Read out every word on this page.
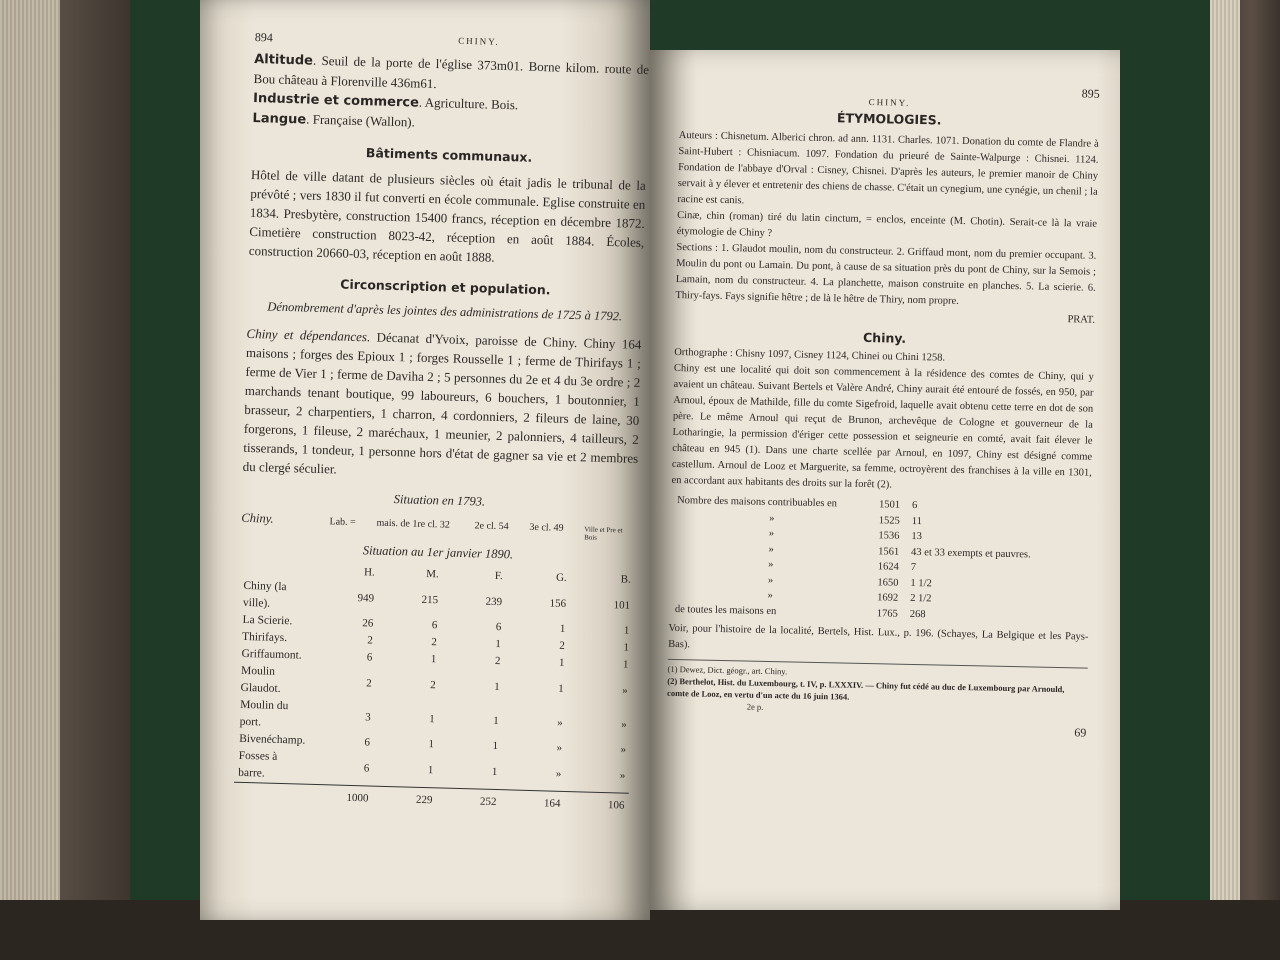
894	CHINY.

Altitude. Seuil de la porte de l'église 373m01. Borne kilom. route de Bou château à Florenville 436m61.

Industrie et commerce. Agriculture. Bois.

Langue. Française (Wallon).

Bâtiments communaux.

Hôtel de ville datant de plusieurs siècles où était jadis le tribunal de la prévôté ; vers 1830 il fut converti en école communale. Eglise construite en 1834. Presbytère, construction 15400 francs, réception en décembre 1872. Cimetière construction 8023-42, réception en août 1884. Écoles, construction 20660-03, réception en août 1888.

Circonscription et population.

Dénombrement d'après les jointes des administrations de 1725 à 1792.

Chiny et dépendances. Décanat d'Yvoix, paroisse de Chiny. Chiny 164 maisons ; forges des Epioux 1 ; forges Rousselle 1 ; ferme de Thirifays 1 ; ferme de Vier 1 ; ferme de Daviha 2 ; 5 personnes du 2e et 4 du 3e ordre ; 2 marchands tenant boutique, 99 laboureurs, 6 bouchers, 1 boutonnier, 1 brasseur, 2 charpentiers, 1 charron, 4 cordonniers, 2 fileurs de laine, 30 forgerons, 1 fileuse, 2 maréchaux, 1 meunier, 2 palonniers, 4 tailleurs, 2 tisserands, 1 tondeur, 1 personne hors d'état de gagner sa vie et 2 membres du clergé séculier.

Situation en 1793.

Chiny.	Lab. =	mais. de 1re cl. 32	2e cl. 54	3e cl. 49	Ville et Pre et Bois

Situation au 1er janvier 1890.

	H.	M.	F.	G.	B.
Chiny (la ville).	949	215	239	156	101
La Scierie.	26	6	6	1	1
Thirifays.	2	2	1	2	1
Griffaumont.	6	1	2	1	1
Moulin Glaudot.	2	2	1	1	»
Moulin du port.	3	1	1	»	»
Bivenéchamp.	6	1	1	»	»
Fosses à barre.	6	1	1	»	»
	1000	229	252	164	106
895
CHINY.
ÉTYMOLOGIES.

Auteurs : Chisnetum. Alberici chron. ad ann. 1131. Charles. 1071. Donation du comte de Flandre à Saint-Hubert : Chisniacum. 1097. Fondation du prieuré de Sainte-Walpurge : Chisnei. 1124. Fondation de l'abbaye d'Orval : Cisney, Chisnei. D'après les auteurs, le premier manoir de Chiny servait à y élever et entretenir des chiens de chasse. C'était un cynegium, une cynégie, un chenil ; la racine est canis.

Cinæ, chin (roman) tiré du latin cinctum, = enclos, enceinte (M. Chotin). Serait-ce là la vraie étymologie de Chiny ?

Sections : 1. Glaudot moulin, nom du constructeur. 2. Griffaud mont, nom du premier occupant. 3. Moulin du pont ou Lamain. Du pont, à cause de sa situation près du pont de Chiny, sur la Semois ; Lamain, nom du constructeur. 4. La planchette, maison construite en planches. 5. La scierie. 6. Thiry-fays. Fays signifie hêtre ; de là le hêtre de Thiry, nom propre.

PRAT.

Chiny.

Orthographe : Chisny 1097, Cisney 1124, Chinei ou Chini 1258.

Chiny est une localité qui doit son commencement à la résidence des comtes de Chiny, qui y avaient un château. Suivant Bertels et Valère André, Chiny aurait été entouré de fossés, en 950, par Arnoul, époux de Mathilde, fille du comte Sigefroid, laquelle avait obtenu cette terre en dot de son père. Le même Arnoul qui reçut de Brunon, archevêque de Cologne et gouverneur de la Lotharingie, la permission d'ériger cette possession et seigneurie en comté, avait fait élever le château en 945 (1). Dans une charte scellée par Arnoul, en 1097, Chiny est désigné comme castellum. Arnoul de Looz et Marguerite, sa femme, octroyèrent des franchises à la ville en 1301, en accordant aux habitants des droits sur la forêt (2).

Nombre des maisons contribuables en	1501	6
»	1525	11
»	1536	13
»	1561	43 et 33 exempts et pauvres.
»	1624	7
»	1650	1 1/2
»	1692	2 1/2
de toutes les maisons en	1765	268

Voir, pour l'histoire de la localité, Bertels, Hist. Lux., p. 196. (Schayes, La Belgique et les Pays-Bas).

(1) Dewez, Dict. géogr., art. Chiny.

(2) Berthelot, Hist. du Luxembourg, t. IV, p. LXXXIV. — Chiny fut cédé au duc de Luxembourg par Arnould, comte de Looz, en vertu d'un acte du 16 juin 1364.

2e p.

69
